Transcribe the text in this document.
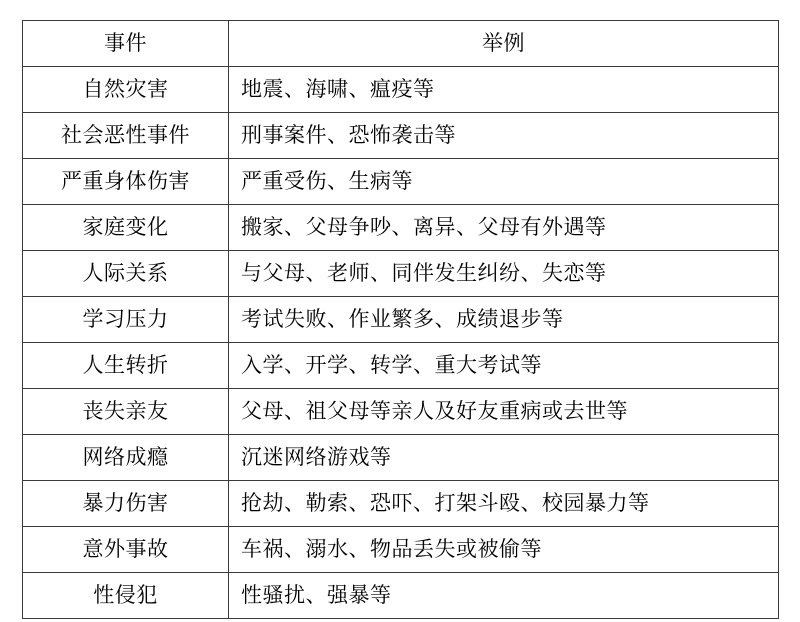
事件	举例
自然灾害	地震、海啸、瘟疫等
社会恶性事件	刑事案件、恐怖袭击等
严重身体伤害	严重受伤、生病等
家庭变化	搬家、父母争吵、离异、父母有外遇等
人际关系	与父母、老师、同伴发生纠纷、失恋等
学习压力	考试失败、作业繁多、成绩退步等
人生转折	入学、开学、转学、重大考试等
丧失亲友	父母、祖父母等亲人及好友重病或去世等
网络成瘾	沉迷网络游戏等
暴力伤害	抢劫、勒索、恐吓、打架斗殴、校园暴力等
意外事故	车祸、溺水、物品丢失或被偷等
性侵犯	性骚扰、强暴等
